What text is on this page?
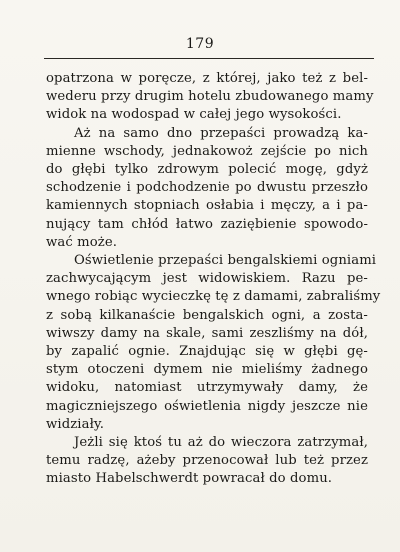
179

opatrzona w poręcze, z której, jako też z bel-
wederu przy drugim hotelu zbudowanego mamy
widok na wodospad w całej jego wysokości.

Aż na samo dno przepaści prowadzą ka-
mienne wschody, jednakowoż zejście po nich
do głębi tylko zdrowym polecić mogę, gdyż
schodzenie i podchodzenie po dwustu przeszło
kamiennych stopniach osłabia i męczy, a i pa-
nujący tam chłód łatwo zaziębienie spowodo-
wać może.

Oświetlenie przepaści bengalskiemi ogniami
zachwycającym jest widowiskiem. Razu pe-
wnego robiąc wycieczkę tę z damami, zabraliśmy
z sobą kilkanaście bengalskich ogni, a zosta-
wiwszy damy na skale, sami zeszliśmy na dół,
by zapalić ognie. Znajdując się w głębi gę-
stym otoczeni dymem nie mieliśmy żadnego
widoku, natomiast utrzymywały damy, że
magiczniejszego oświetlenia nigdy jeszcze nie
widziały.

Jeżli się ktoś tu aż do wieczora zatrzymał,
temu radzę, ażeby przenocował lub też przez
miasto Habelschwerdt powracał do domu.
